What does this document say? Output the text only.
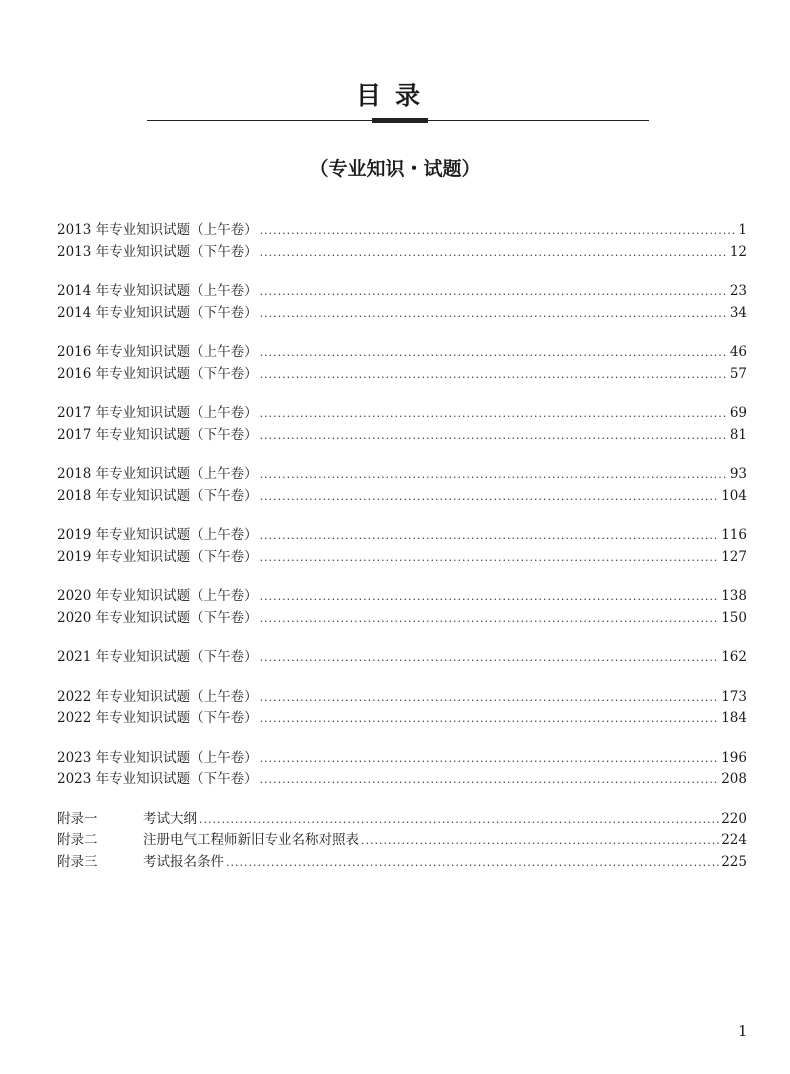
目录
（专业知识・试题）
2013 年专业知识试题（上午卷） .....	1
2013 年专业知识试题（下午卷） .....	12
2014 年专业知识试题（上午卷） .....	23
2014 年专业知识试题（下午卷） .....	34
2016 年专业知识试题（上午卷） .....	46
2016 年专业知识试题（下午卷） .....	57
2017 年专业知识试题（上午卷） .....	69
2017 年专业知识试题（下午卷） .....	81
2018 年专业知识试题（上午卷） .....	93
2018 年专业知识试题（下午卷） .....	104
2019 年专业知识试题（上午卷） .....	116
2019 年专业知识试题（下午卷） .....	127
2020 年专业知识试题（上午卷） .....	138
2020 年专业知识试题（下午卷） .....	150
2021 年专业知识试题（下午卷） .....	162
2022 年专业知识试题（上午卷） .....	173
2022 年专业知识试题（下午卷） .....	184
2023 年专业知识试题（上午卷） .....	196
2023 年专业知识试题（下午卷） .....	208
附录一	考试大纲 .....	220
附录二	注册电气工程师新旧专业名称对照表 .....	224
附录三	考试报名条件 .....	225
1
